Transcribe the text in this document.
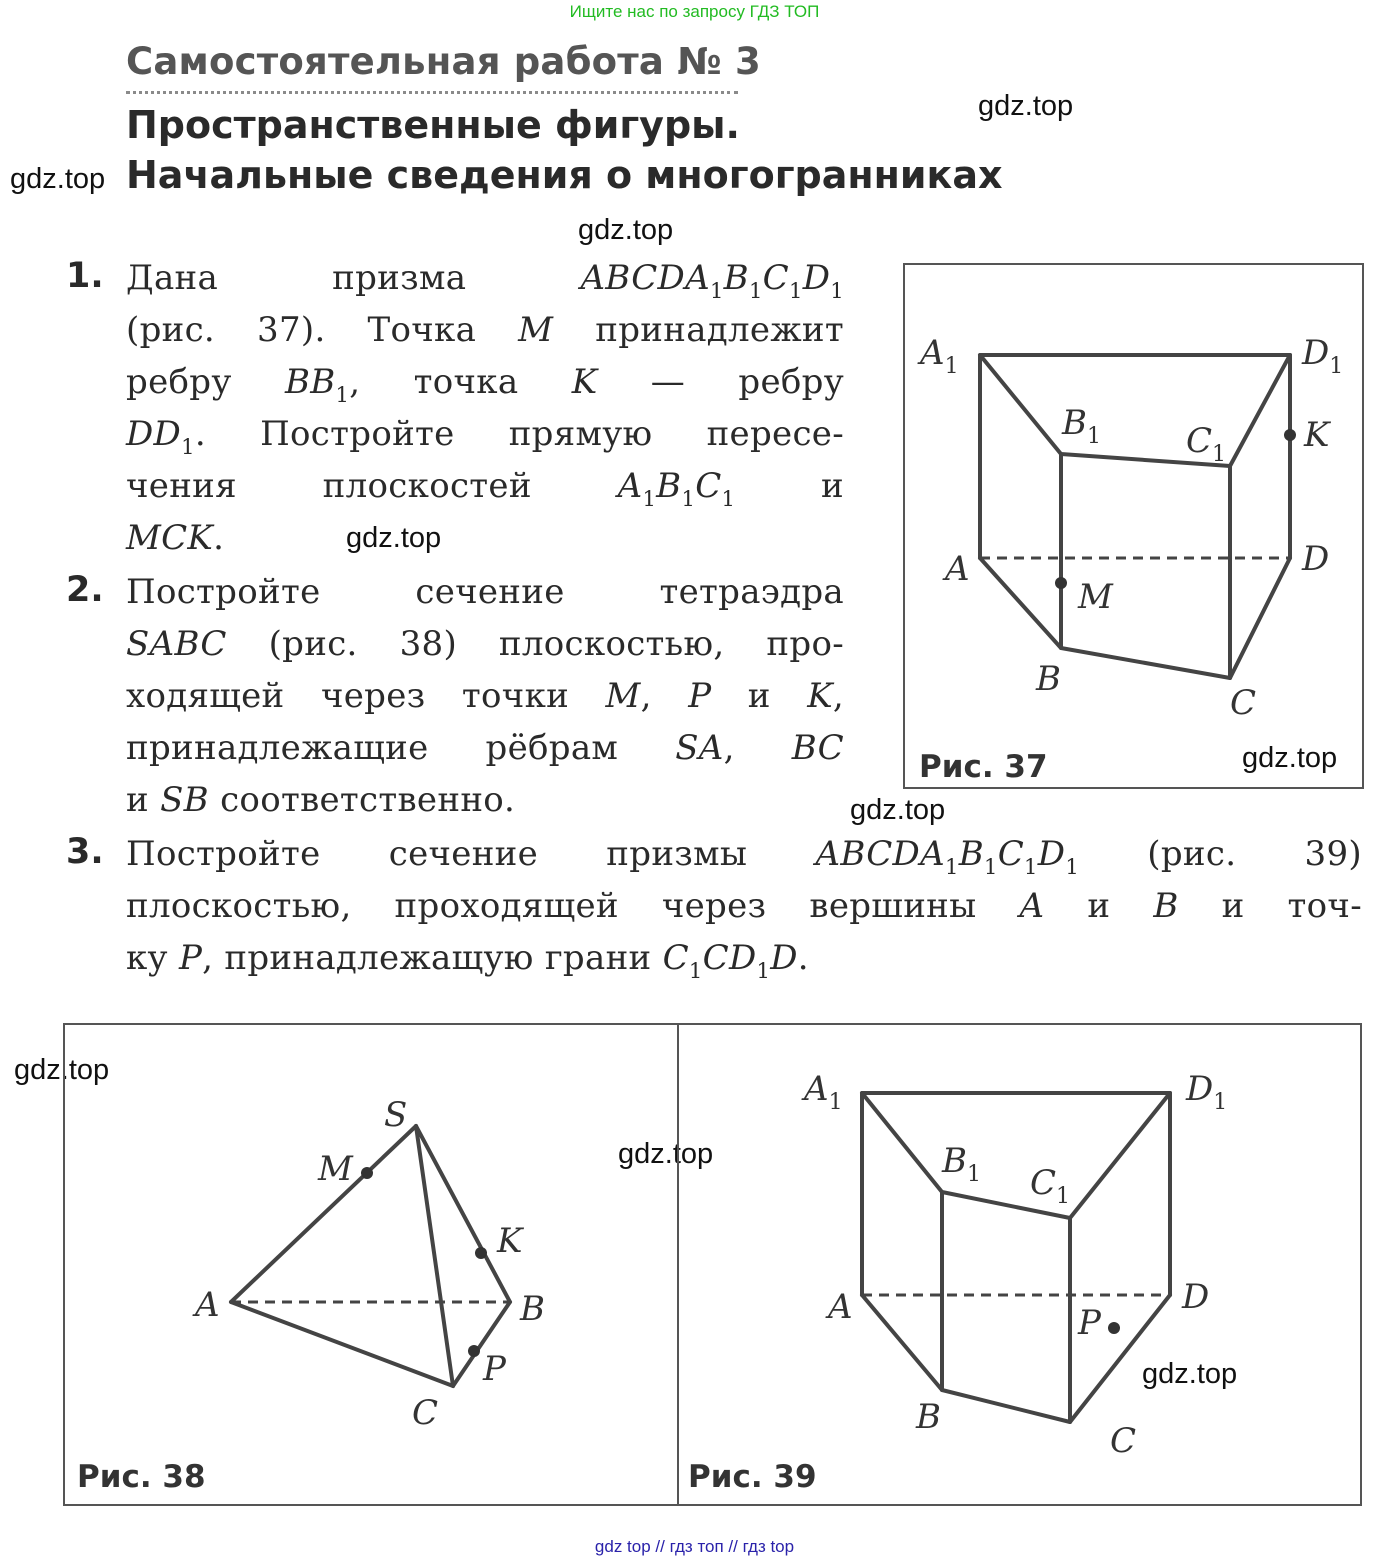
Ищите нас по запросу ГДЗ ТОП
gdz.top
gdz.top
gdz.top
gdz.top
gdz.top
gdz.top
gdz.top
gdz.top
gdz.top
Самостоятельная работа № 3
Пространственные фигуры.
Начальные сведения о многогранниках
1. Дана призма $ABCDA_1B_1C_1D_1$
(рис. 37). Точка M принадлежит
ребру $BB_1$, точка K — ребру
$DD_1$. Постройте прямую пересе-
чения плоскостей $A_1B_1C_1$ и
MCK.
2. Постройте сечение тетраэдра
SABC (рис. 38) плоскостью, про-
ходящей через точки M, P и K,
принадлежащие рёбрам SA, BC
и SB соответственно.
3. Постройте сечение призмы $ABCDA_1B_1C_1D_1$ (рис. 39)
плоскостью, проходящей через вершины A и B и точ-
ку P, принадлежащую грани $C_1CD_1D$.
$A_1$	$D_1$
$B_1$	$C_1$ K
A	D
M
B
C
Рис. 37
S
M
K
A	B
P
C
$A_1$	$D_1$
$B_1$ $C_1$
A	D
P
B
C
Рис. 38	Рис. 39
gdz top // гдз топ // гдз top
